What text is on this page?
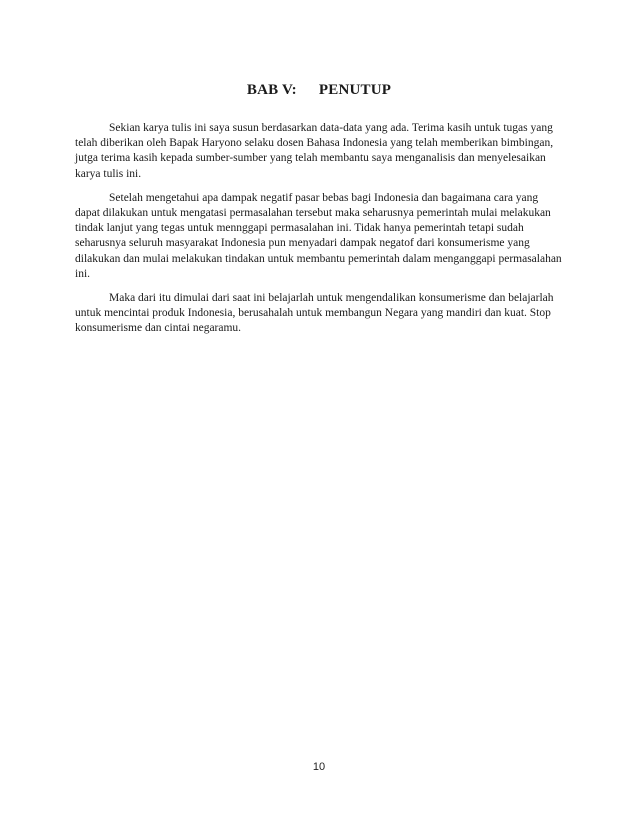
BAB V: PENUTUP

Sekian karya tulis ini saya susun berdasarkan data-data yang ada. Terima kasih untuk tugas yang telah diberikan oleh Bapak Haryono selaku dosen Bahasa Indonesia yang telah memberikan bimbingan, jutga terima kasih kepada sumber-sumber yang telah membantu saya menganalisis dan menyelesaikan karya tulis ini.

Setelah mengetahui apa dampak negatif pasar bebas bagi Indonesia dan bagaimana cara yang dapat dilakukan untuk mengatasi permasalahan tersebut maka seharusnya pemerintah mulai melakukan tindak lanjut yang tegas untuk mennggapi permasalahan ini. Tidak hanya pemerintah tetapi sudah seharusnya seluruh masyarakat Indonesia pun menyadari dampak negatof dari konsumerisme yang dilakukan dan mulai melakukan tindakan untuk membantu pemerintah dalam menganggapi permasalahan ini.

Maka dari itu dimulai dari saat ini belajarlah untuk mengendalikan konsumerisme dan belajarlah untuk mencintai produk Indonesia, berusahalah untuk membangun Negara yang mandiri dan kuat. Stop konsumerisme dan cintai negaramu.

10
